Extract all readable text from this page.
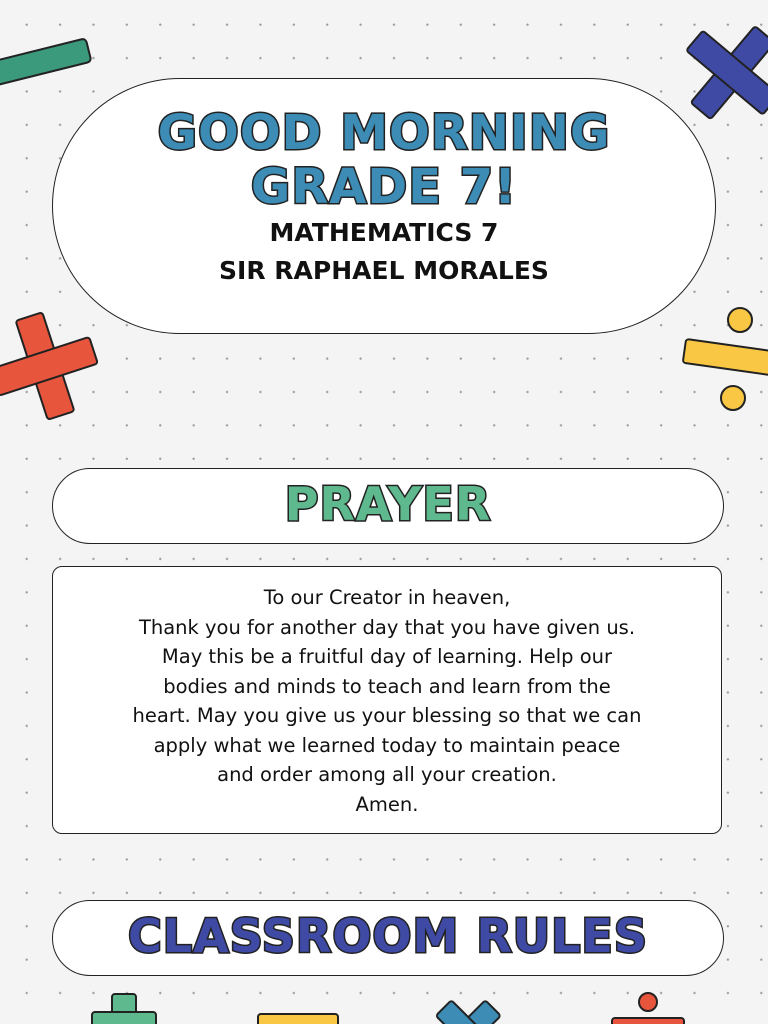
GOOD MORNING
GRADE 7!
MATHEMATICS 7
SIR RAPHAEL MORALES
PRAYER
To our Creator in heaven,
Thank you for another day that you have given us.
May this be a fruitful day of learning. Help our
bodies and minds to teach and learn from the
heart. May you give us your blessing so that we can
apply what we learned today to maintain peace
and order among all your creation.
Amen.
CLASSROOM RULES
